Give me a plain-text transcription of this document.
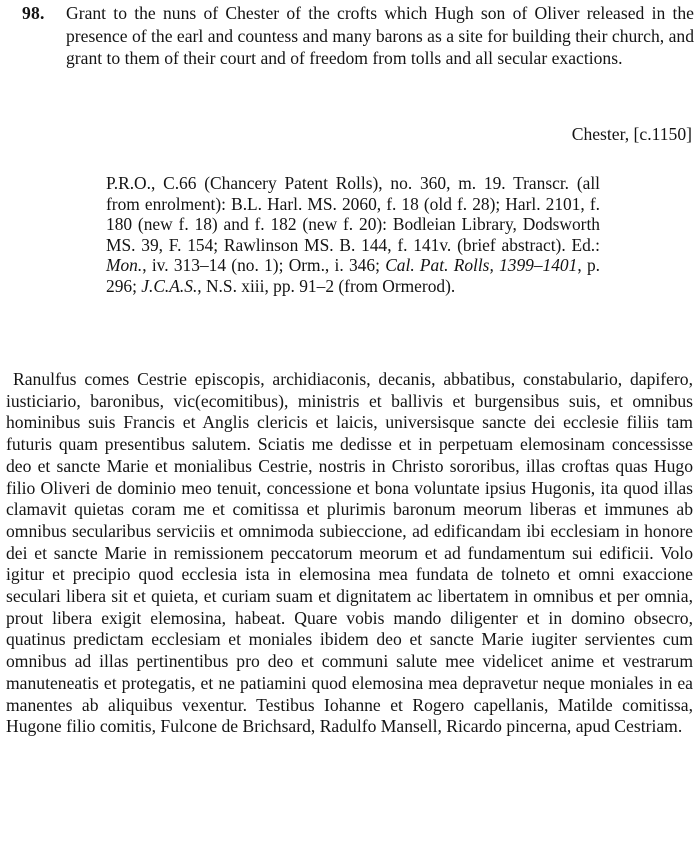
98. Grant to the nuns of Chester of the crofts which Hugh son of Oliver released in the presence of the earl and countess and many barons as a site for building their church, and grant to them of their court and of freedom from tolls and all secular exactions.
Chester, [c.1150]
P.R.O., C.66 (Chancery Patent Rolls), no. 360, m. 19. Transcr. (all from enrolment): B.L. Harl. MS. 2060, f. 18 (old f. 28); Harl. 2101, f. 180 (new f. 18) and f. 182 (new f. 20): Bodleian Library, Dodsworth MS. 39, F. 154; Rawlinson MS. B. 144, f. 141v. (brief abstract). Ed.: Mon., iv. 313–14 (no. 1); Orm., i. 346; Cal. Pat. Rolls, 1399–1401, p. 296; J.C.A.S., N.S. xiii, pp. 91–2 (from Ormerod).
Ranulfus comes Cestrie episcopis, archidiaconis, decanis, abbatibus, constabulario, dapifero, iusticiario, baronibus, vic(ecomitibus), ministris et ballivis et burgensibus suis, et omnibus hominibus suis Francis et Anglis clericis et laicis, universisque sancte dei ecclesie filiis tam futuris quam presentibus salutem. Sciatis me dedisse et in perpetuam elemosinam concessisse deo et sancte Marie et monialibus Cestrie, nostris in Christo sororibus, illas croftas quas Hugo filio Oliveri de dominio meo tenuit, concessione et bona voluntate ipsius Hugonis, ita quod illas clamavit quietas coram me et comitissa et plurimis baronum meorum liberas et immunes ab omnibus secularibus serviciis et omnimoda subieccione, ad edificandam ibi ecclesiam in honore dei et sancte Marie in remissionem peccatorum meorum et ad fundamentum sui edificii. Volo igitur et precipio quod ecclesia ista in elemosina mea fundata de tolneto et omni exaccione seculari libera sit et quieta, et curiam suam et dignitatem ac libertatem in omnibus et per omnia, prout libera exigit elemosina, habeat. Quare vobis mando diligenter et in domino obsecro, quatinus predictam ecclesiam et moniales ibidem deo et sancte Marie iugiter servientes cum omnibus ad illas pertinentibus pro deo et communi salute mee videlicet anime et vestrarum manuteneatis et protegatis, et ne patiamini quod elemosina mea depravetur neque moniales in ea manentes ab aliquibus vexentur. Testibus Iohanne et Rogero capellanis, Matilde comitissa, Hugone filio comitis, Fulcone de Brichsard, Radulfo Mansell, Ricardo pincerna, apud Cestriam.
